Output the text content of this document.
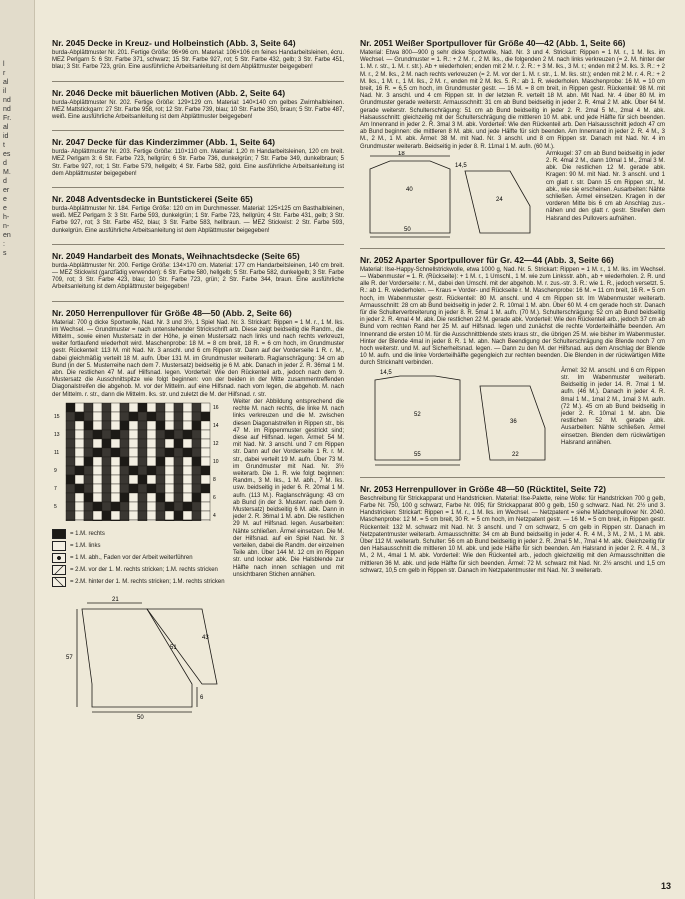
l
r
al
il
nd
nd
Fr.
al
id
t
es
d
M.
d
er
e
e
h-
n-
en
:
s
Nr. 2045 Decke in Kreuz- und Holbeinstich (Abb. 3, Seite 64)

burda-Abplättmuster Nr. 201. Fertige Größe: 96×96 cm. Material: 106×106 cm feines Handarbeitsleinen, écru. MEZ Perlgarn 5: 6 Str. Farbe 371, schwarz; 15 Str. Farbe 927, rot; 5 Str. Farbe 432, gelb; 3 Str. Farbe 451, blau; 3 Str. Farbe 723, grün. Eine ausführliche Arbeitsanleitung ist dem Abplättmuster beigegeben!

Nr. 2046 Decke mit bäuerlichen Motiven (Abb. 2, Seite 64)

burda-Abplättmuster Nr. 202. Fertige Größe: 129×129 cm. Material: 140×140 cm gelbes Zwirnhalbleinen. MEZ Mattstickgarn: 27 Str. Farbe 958, rot; 12 Str. Farbe 739, blau; 10 Str. Farbe 350, braun; 5 Str. Farbe 487, weiß. Eine ausführliche Arbeitsanleitung ist dem Abplättmuster beigegeben!

Nr. 2047 Decke für das Kinderzimmer (Abb. 1, Seite 64)

burda- Abplättmuster Nr. 203. Fertige Größe: 110×110 cm. Material: 1,20 m Handarbeitsleinen, 120 cm breit. MEZ Perlgarn 3: 6 Str. Farbe 723, hellgrün; 6 Str. Farbe 736, dunkelgrün; 7 Str. Farbe 349, dunkelbraun; 5 Str. Farbe 927, rot; 1 Str. Farbe 579, hellgelb; 4 Str. Farbe 582, gold. Eine ausführliche Arbeitsanleitung ist dem Abplättmuster beigegeben!

Nr. 2048 Adventsdecke in Buntstickerei (Seite 65)

burda-Abplättmuster Nr. 184. Fertige Größe: 120 cm im Durchmesser. Material: 125×125 cm Basthalbleinen, weiß. MEZ Perlgarn 3: 3 Str. Farbe 593, dunkelgrün; 1 Str. Farbe 723, hellgrün; 4 Str. Farbe 431, gelb; 3 Str. Farbe 927, rot; 3 Str. Farbe 452, blau; 3 Str. Farbe 583, hellbraun. — MEZ Stickwist: 2 Str. Farbe 593, dunkelgrün. Eine ausführliche Arbeitsanleitung ist dem Abplättmuster beigegeben!

Nr. 2049 Handarbeit des Monats, Weihnachtsdecke (Seite 65)

burda-Abplättmuster Nr. 200. Fertige Größe: 134×170 cm. Material: 177 cm Handarbeitsleinen, 140 cm breit. — MEZ Stickwist (ganzfädig verwenden): 6 Str. Farbe 580, hellgelb; 5 Str. Farbe 582, dunkelgelb; 3 Str. Farbe 709, rot; 3 Str. Farbe 423, blau; 10 Str. Farbe 723, grün; 2 Str. Farbe 344, braun. Eine ausführliche Arbeitsanleitung ist dem Abplättmuster beigegeben!

Nr. 2050 Herrenpullover für Größe 48—50 (Abb. 2, Seite 66)

Material: 700 g dicke Sportwolle, Nad. Nr. 3 und 3½, 1 Spiel Nad. Nr. 3. Strickart: Rippen = 1 M. r., 1 M. lks. im Wechsel. — Grundmuster = nach untenstehender Strickschrift arb. Diese zeigt beidseitig die Randm., die Mittelm., sowie einen Mustersatz in der Höhe, je einen Mustersatz nach links und nach rechts verkreuzt, weiter fortlaufend wiederholt wird. Maschenprobe: 18 M. = 8 cm breit, 18 R. = 6 cm hoch, im Grundmuster gestr. Rückenteil: 113 M. mit Nad. Nr. 3 anschl. und 6 cm Rippen str. Dann auf der Vorderseite 1 R. r. M., dabei gleichmäßig verteilt 18 M. aufn. Über 131 M. im Grundmuster weiterarb. Raglanschrägung: 34 cm ab Bund (in der 5. Musterreihe nach dem 7. Mustersatz) beidseitig je 6 M. abk. Danach in jeder 2. R. 36mal 1 M. abn. Die restlichen 47 M. auf Hilfsnad. legen. Vorderteil: Wie den Rückenteil arb., jedoch nach dem 9. Mustersatz die Ausschnittspitze wie folgt beginnen: von der beiden in der Mitte zusammentreffenden Diagonalstreifen die abgehob. M. vor der Mittelm. auf eine Hilfsnad. nach vorn legen, die abgehob. M. nach der Mittelm. r. str., dann die Mittelm. lks. str. und zuletzt die M. der Hilfsnad. r. str.

15
13
11
9
7
5
16
14
12
10
8
6
4
= 1.M. rechts
= 1.M. links
= 1 M. abh., Faden vor der Arbeit weiterführen
= 2.M. vor der 1. M. rechts stricken; 1.M. rechts stricken
= 2.M. hinter der 1. M. rechts stricken; 1.M. rechts stricken
21
51
57
6
50
43

Weiter der Abbildung entsprechend die rechte M. nach rechts, die linke M. nach links verkreuzen und die M. zwischen diesen Diagonalstreifen in Rippen str., bis 47 M. im Rippenmuster gestrickt sind; diese auf Hilfsnad. legen. Ärmel: 54 M. mit Nad. Nr. 3 anschl. und 7 cm Rippen str. Dann auf der Vorderseite 1 R. r. M. str., dabei verteilt 19 M. aufn. Über 73 M. im Grundmuster mit Nad. Nr. 3½ weiterarb. Die 1. R. wie folgt beginnen: Randm., 3 M. lks., 1 M. abh., 7 M. lks. usw. beidseitig in jeder 6. R. 20mal 1 M. aufn. (113 M.). Raglanschrägung: 43 cm ab Bund (in der 3. Musterr. nach dem 9. Mustersatz) beidseitig 6 M. abk. Dann in jeder 2. R. 36mal 1 M. abn. Die restlichen 29 M. auf Hilfsnad. legen. Ausarbeiten: Nähte schließen. Ärmel einsetzen. Die M. der Hilfsnad. auf ein Spiel Nad. Nr. 3 verteilen, dabei die Randm. der einzelnen Teile abn. Über 144 M. 12 cm im Rippen str. und locker abk. Die Halsblende zur Hälfte nach innen schlagen und mit unsichtbaren Stichen annähen.

Nr. 2051 Weißer Sportpullover für Größe 40—42 (Abb. 1, Seite 66)

Material: Etwa 800—900 g sehr dicke Sportwolle, Nad. Nr. 3 und 4. Strickart: Rippen = 1 M. r., 1 M. lks. im Wechsel. — Grundmuster = 1. R.: + 2 M. r., 2 M. lks., die folgenden 2 M. nach links verkreuzen (= 2. M. hinter der 1. M. r. str., 1. M. r. str.). Ab + wiederholen; enden mit 2 M. r. 2. R.: + 3 M. lks., 3 M. r.; enden mit 2 M. lks. 3. R.: + 2 M. r., 2 M. lks., 2 M. nach rechts verkreuzen (= 2. M. vor der 1. M. r. str., 1. M. lks. str.); enden mit 2 M. r. 4. R.: + 2 M. lks., 1 M. r., 1 M. lks., 2 M. r., enden mit 2 M. lks. 5. R.: ab 1. R. wiederholen. Maschenprobe: 16 M. = 10 cm breit, 16 R. = 6,5 cm hoch, im Grundmuster gestr. — 16 M. = 8 cm breit, in Rippen gestr. Rückenteil: 98 M. mit Nad. Nr. 3 anschl. und 4 cm Rippen str. In der letzten R. verteilt 18 M. abn. Mit Nad. Nr. 4 über 80 M. im Grundmuster gerade weiterstr. Armausschnitt: 31 cm ab Bund beidseitig in jeder 2. R. 4mal 2 M. abk. Über 64 M. gerade weiterstr. Schulterschrägung: 51 cm ab Bund beidseitig in jeder 2. R. 2mal 5 M., 2mal 4 M. abk. Halsausschnitt: gleichzeitig mit der Schulterschrägung die mittleren 10 M. abk. und jede Hälfte für sich beenden. Am Innenrand in jeder 2. R. 3mal 3 M. abk. Vorderteil: Wie den Rückenteil arb. Den Halsausschnitt jedoch 47 cm ab Bund beginnen: die mittleren 8 M. abk. und jede Hälfte für sich beenden. Am Innenrand in jeder 2. R. 4 M., 3 M., 2 M., 1 M. abk. Ärmel: 38 M. mit Nad. Nr. 3 anschl. und 8 cm Rippen str. Danach mit Nad. Nr. 4 im Grundmuster weiterarb. Beidseitig in jeder 8. R. 11mal 1 M. aufn. (60 M.).

18
40
50
24
14,5

Armkugel: 37 cm ab Bund beidseitig in jeder 2. R. 4mal 2 M., dann 10mal 1 M., 2mal 3 M. abk. Die restlichen 12 M. gerade abk. Kragen: 90 M. mit Nad. Nr. 3 anschl. und 1 cm glatt r. str. Dann 15 cm Rippen str., M. abk., wie sie erscheinen. Ausarbeiten: Nähte schließen. Ärmel einsetzen. Kragen in der vorderen Mitte bis 6 cm ab Anschlag zus.-nähen und den glatt r. gestr. Streifen dem Halsrand des Pullovers aufnähen.

Nr. 2052 Aparter Sportpullover für Gr. 42—44 (Abb. 3, Seite 66)

Material: Ilse-Happy-Schnellstrickwolle, etwa 1000 g, Nad. Nr. 5. Strickart: Rippen = 1 M. r., 1 M. lks. im Wechsel. — Wabenmuster = 1. R. (Rückseite): + 1 M. r., 1 Umschl., 1 M. wie zum Linksstr. abh., ab + wiederholen. 2. R. und alle R. der Vorderseite: r. M., dabei den Umschl. mit der abgehob. M. r. zus.-str. 3. R.: wie 1. R., jedoch versetzt. 5. R.: ab 1. R. wiederholen. — Kraus = Vorder- und Rückseite r. M. Maschenprobe: 16 M. = 11 cm breit, 16 R. = 5 cm hoch, im Wabenmuster gestr. Rückenteil: 80 M. anschl. und 4 cm Rippen str. Im Wabenmuster weiterarb. Armausschnitt: 28 cm ab Bund beidseitig in jeder 2. R. 10mal 1 M. abn. Über 60 M. 4 cm gerade hoch str. Danach für die Schulterverbreiterung in jeder 8. R. 5mal 1 M. aufn. (70 M.). Schulterschrägung: 52 cm ab Bund beidseitig in jeder 2. R. 4mal 4 M. abk. Die restlichen 22 M. gerade abk. Vorderteil: Wie den Rückenteil arb., jedoch 37 cm ab Bund vom rechten Rand her 25 M. auf Hilfsnad. legen und zunächst die rechte Vorderteilhälfte beenden. Am Innenrand die ersten 10 M. für die Ausschnittblende stets kraus str., die übrigen 25 M. wie bisher im Wabenmuster. Hinter der Blende 4mal in jeder 8. R. 1 M. abn. Nach Beendigung der Schulterschrägung die Blende noch 7 cm hoch weiterstr. und M. auf Sicherheitsnad. legen. — Dann zu den M. der Hilfsnad. aus dem Anschlag der Blende 10 M. aufn. und die linke Vorderteilhälfte gegengleich zur rechten beenden. Die Blenden in der rückwärtigen Mitte durch Stricknaht verbinden.

14,5
52
55
36
22

Ärmel: 32 M. anschl. und 6 cm Rippen str. Im Wabenmuster weiterarb. Beidseitig in jeder 14. R. 7mal 1 M. aufn. (46 M.). Danach in jeder 4. R. 8mal 1 M., 1mal 2 M., 1mal 3 M. aufn. (72 M.). 45 cm ab Bund beidseitig in jeder 2. R. 10mal 1 M. abn. Die restlichen 52 M. gerade abk. Ausarbeiten: Nähte schließen. Ärmel einsetzen. Blenden dem rückwärtigen Halsrand annähen.

Nr. 2053 Herrenpullover in Größe 48—50 (Rücktitel, Seite 72)

Beschreibung für Strickapparat und Handstricken. Material: Ilse-Palette, reine Wolle: für Handstricken 700 g gelb, Farbe Nr. 750, 100 g schwarz, Farbe Nr. 095; für Strickapparat 800 g gelb, 150 g schwarz. Nad. Nr. 2½ und 3. Handstricken: Strickart: Rippen = 1 M. r., 1 M. lks. im Wechsel. — Netzpatent = siehe Mädchenpullover Nr. 2040. Maschenprobe: 12 M. = 5 cm breit, 30 R. = 5 cm hoch, im Netzpatent gestr. — 16 M. = 5 cm breit, in Rippen gestr. Rückenteil: 132 M. schwarz mit Nad. Nr. 3 anschl. und 7 cm schwarz, 5 cm gelb in Rippen str. Danach im Netzpatentmuster weiterarb. Armausschnitte: 34 cm ab Bund beidseitig in jeder 4. R. 4 M., 3 M., 2 M., 1 M. abk. Über 112 M. weiterarb. Schulter: 56 cm ab Bund beidseitig in jeder 2. R. 2mal 5 M., 7mal 4 M. abk. Gleichzeitig für den Halsausschnitt die mittleren 10 M. abk. und jede Hälfte für sich beenden. Am Halsrand in jeder 2. R. 4 M., 3 M., 2 M., 4mal 1 M. abk. Vorderteil: Wie den Rückenteil arb., jedoch gleichzeitig mit den Armausschnitten die mittleren 36 M. abk. und jede Hälfte für sich beenden. Ärmel: 72 M. schwarz mit Nad. Nr. 2½ anschl. und 1,5 cm schwarz, 10,5 cm gelb in Rippen str. Danach im Netzpatentmuster mit Nad. Nr. 3 weiterarb.

13
